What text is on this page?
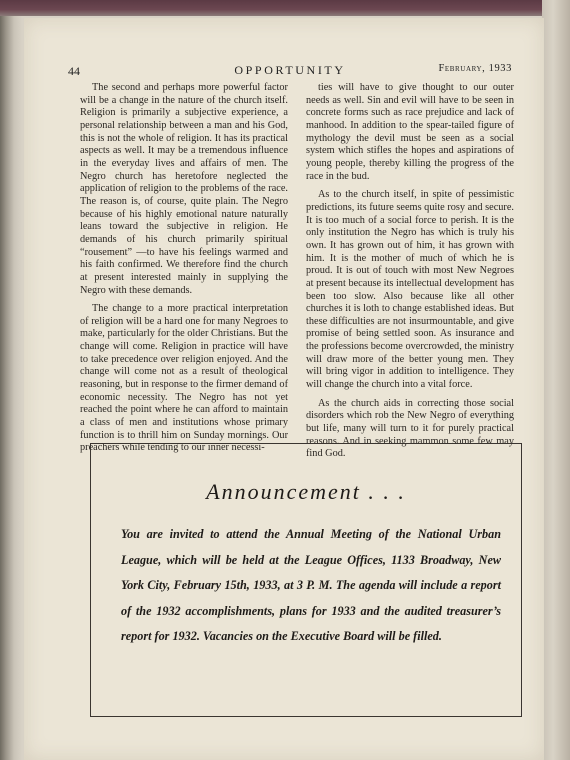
44	OPPORTUNITY	February, 1933

The second and perhaps more powerful factor will be a change in the nature of the church itself. Religion is primarily a subjective experience, a personal relationship between a man and his God, this is not the whole of religion. It has its practical aspects as well. It may be a tremendous influence in the everyday lives and affairs of men. The Negro church has heretofore neglected the application of religion to the problems of the race. The reason is, of course, quite plain. The Negro because of his highly emotional nature naturally leans toward the subjective in religion. He demands of his church primarily spiritual “rousement” —to have his feelings warmed and his faith confirmed. We therefore find the church at present interested mainly in supplying the Negro with these demands.

The change to a more practical interpretation of religion will be a hard one for many Negroes to make, particularly for the older Christians. But the change will come. Religion in practice will have to take precedence over religion enjoyed. And the change will come not as a result of theological reasoning, but in response to the firmer demand of economic necessity. The Negro has not yet reached the point where he can afford to maintain a class of men and institutions whose primary function is to thrill him on Sunday mornings. Our preachers while tending to our inner necessi-

ties will have to give thought to our outer needs as well. Sin and evil will have to be seen in concrete forms such as race prejudice and lack of manhood. In addition to the spear-tailed figure of mythology the devil must be seen as a social system which stifles the hopes and aspirations of young people, thereby killing the progress of the race in the bud.

As to the church itself, in spite of pessimistic predictions, its future seems quite rosy and secure. It is too much of a social force to perish. It is the only institution the Negro has which is truly his own. It has grown out of him, it has grown with him. It is the mother of much of which he is proud. It is out of touch with most New Negroes at present because its intellectual development has been too slow. Also because like all other churches it is loth to change established ideas. But these difficulties are not insurmountable, and give promise of being settled soon. As insurance and the professions become overcrowded, the ministry will draw more of the better young men. They will bring vigor in addition to intelligence. They will change the church into a vital force.

As the church aids in correcting those social disorders which rob the New Negro of everything but life, many will turn to it for purely practical reasons. And in seeking mammon some few may find God.

Announcement . . .
You are invited to attend the Annual Meeting of the National Urban League, which will be held at the League Offices, 1133 Broadway, New York City, February 15th, 1933, at 3 P. M. The agenda will include a report of the 1932 accomplishments, plans for 1933 and the audited treasurer’s report for 1932. Vacancies on the Executive Board will be filled.
